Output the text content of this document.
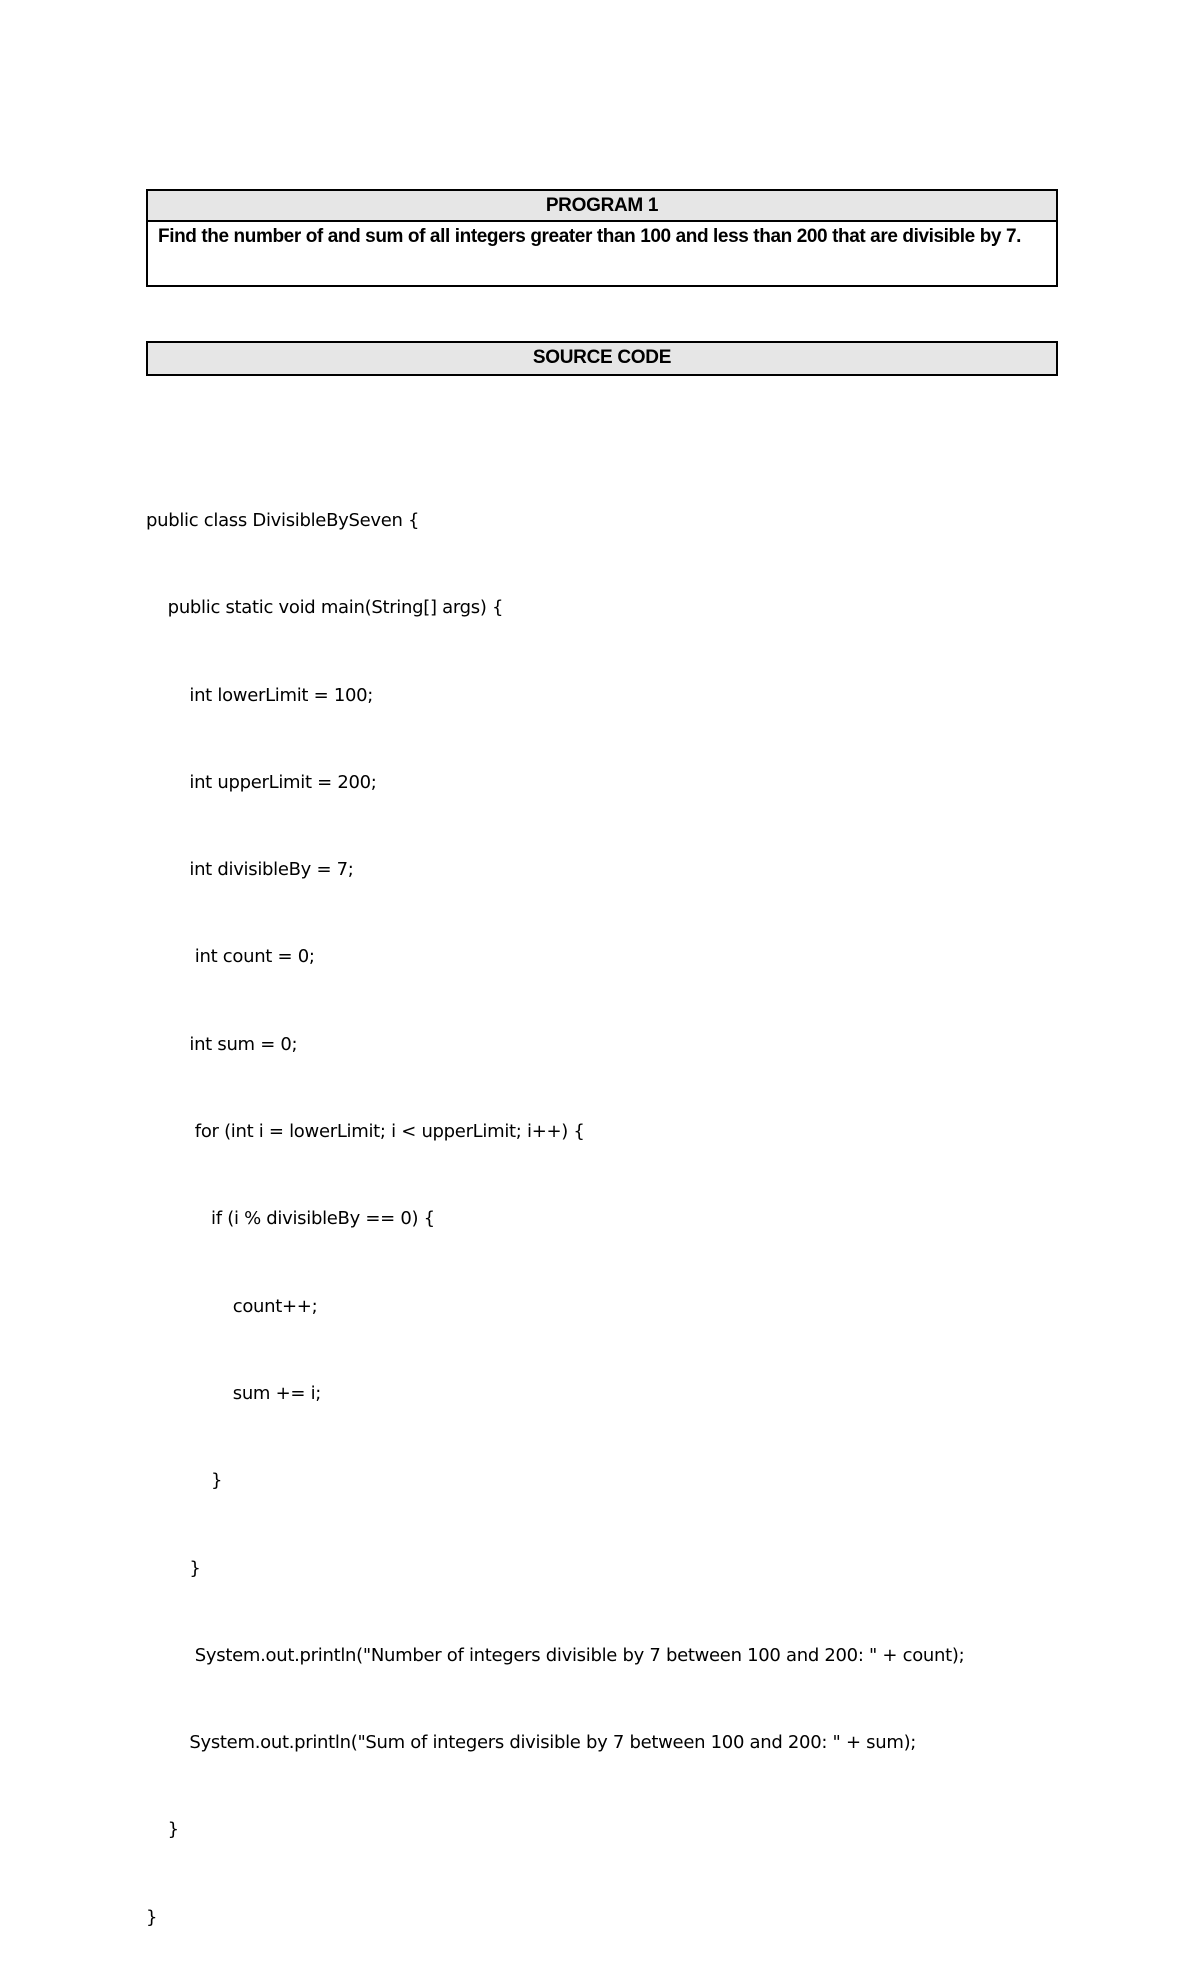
PROGRAM 1
Find the number of and sum of all integers greater than 100 and less than 200 that are divisible by 7.
SOURCE CODE

public class DivisibleBySeven {

public static void main(String[] args) {

int lowerLimit = 100;

int upperLimit = 200;

int divisibleBy = 7;

int count = 0;

int sum = 0;

for (int i = lowerLimit; i < upperLimit; i++) {

if (i % divisibleBy == 0) {

count++;

sum += i;

}

}

System.out.println("Number of integers divisible by 7 between 100 and 200: " + count);

System.out.println("Sum of integers divisible by 7 between 100 and 200: " + sum);

}

}
